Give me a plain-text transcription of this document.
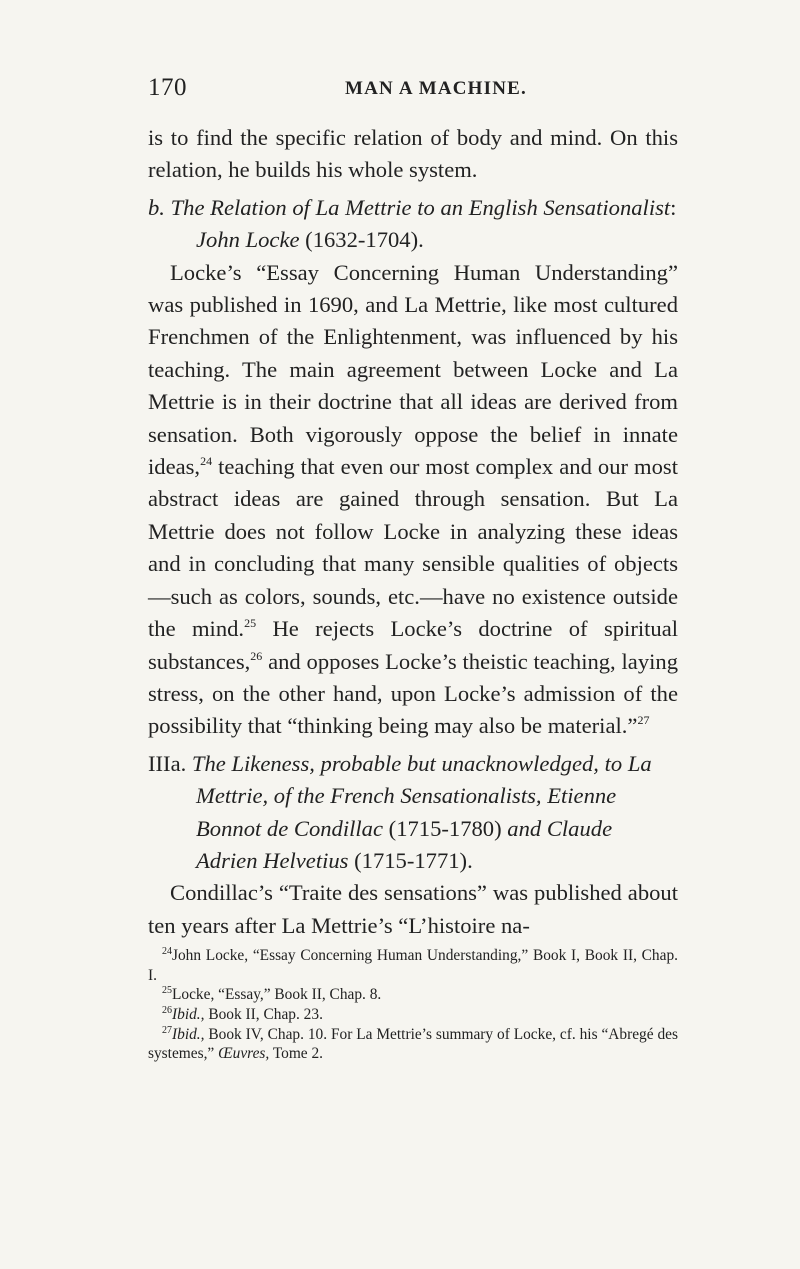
170	MAN A MACHINE.

is to find the specific relation of body and mind. On this relation, he builds his whole system.

b. The Relation of La Mettrie to an English Sensationalist: John Locke (1632-1704).

Locke’s “Essay Concerning Human Understanding” was published in 1690, and La Mettrie, like most cultured Frenchmen of the Enlightenment, was influenced by his teaching. The main agreement between Locke and La Mettrie is in their doctrine that all ideas are derived from sensation. Both vigorously oppose the belief in innate ideas,$^{24}$ teaching that even our most complex and our most abstract ideas are gained through sensation. But La Mettrie does not follow Locke in analyzing these ideas and in concluding that many sensible qualities of objects—such as colors, sounds, etc.—have no existence outside the mind.$^{25}$ He rejects Locke’s doctrine of spiritual substances,$^{26}$ and opposes Locke’s theistic teaching, laying stress, on the other hand, upon Locke’s admission of the possibility that “thinking being may also be material.”$^{27}$

IIIa. The Likeness, probable but unacknowledged, to La Mettrie, of the French Sensationalists, Etienne Bonnot de Condillac (1715-1780) and Claude Adrien Helvetius (1715-1771).

Condillac’s “Traite des sensations” was published about ten years after La Mettrie’s “L’histoire na-

$^{24}$John Locke, “Essay Concerning Human Understanding,” Book I, Book II, Chap. I.

$^{25}$Locke, “Essay,” Book II, Chap. 8.

$^{26}$Ibid., Book II, Chap. 23.

$^{27}$Ibid., Book IV, Chap. 10. For La Mettrie’s summary of Locke, cf. his “Abregé des systemes,” Œuvres, Tome 2.
